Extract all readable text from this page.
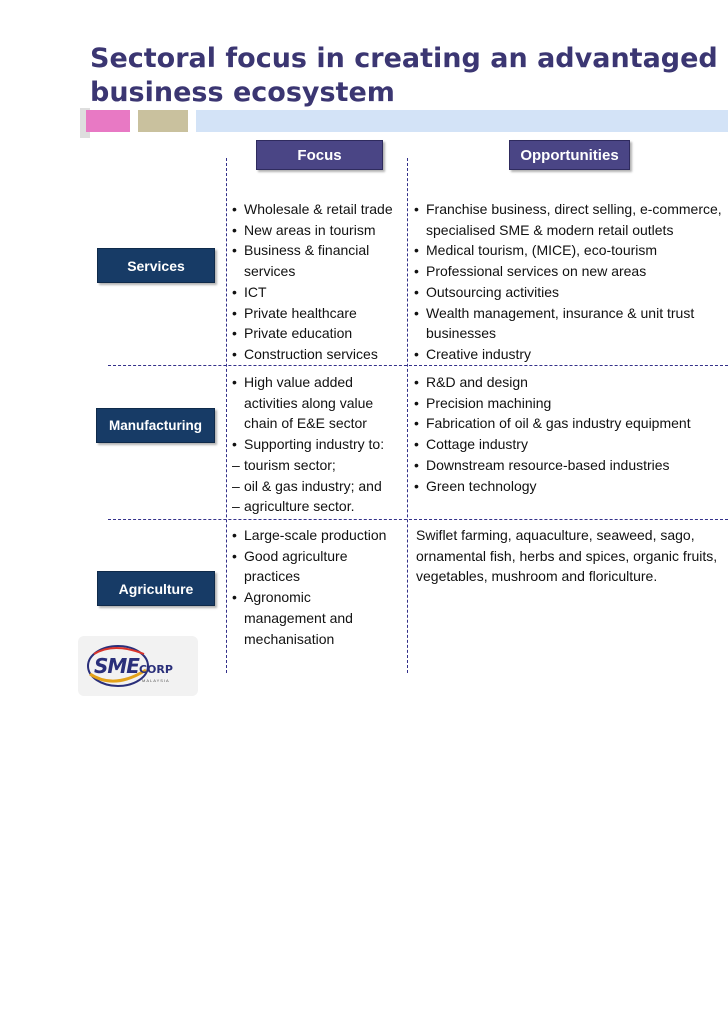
Sectoral focus in creating an advantaged
business ecosystem
Focus	Opportunities
Services
Manufacturing
Agriculture
• Wholesale & retail trade
• New areas in tourism
• Business & financial
services
• ICT
• Private healthcare
• Private education
• Construction services
• Franchise business, direct selling, e-commerce,
specialised SME & modern retail outlets
• Medical tourism, (MICE), eco-tourism
• Professional services on new areas
• Outsourcing activities
• Wealth management, insurance & unit trust
businesses
• Creative industry
• High value added
activities along value
chain of E&E sector
• Supporting industry to:
– tourism sector;
– oil & gas industry; and
– agriculture sector.
• R&D and design
• Precision machining
• Fabrication of oil & gas industry equipment
• Cottage industry
• Downstream resource-based industries
• Green technology
• Large-scale production
• Good agriculture
practices
• Agronomic
management and
mechanisation
Swiflet farming, aquaculture, seaweed, sago,
ornamental fish, herbs and spices, organic fruits,
vegetables, mushroom and floriculture.
SMECORP
MALAYSIA
